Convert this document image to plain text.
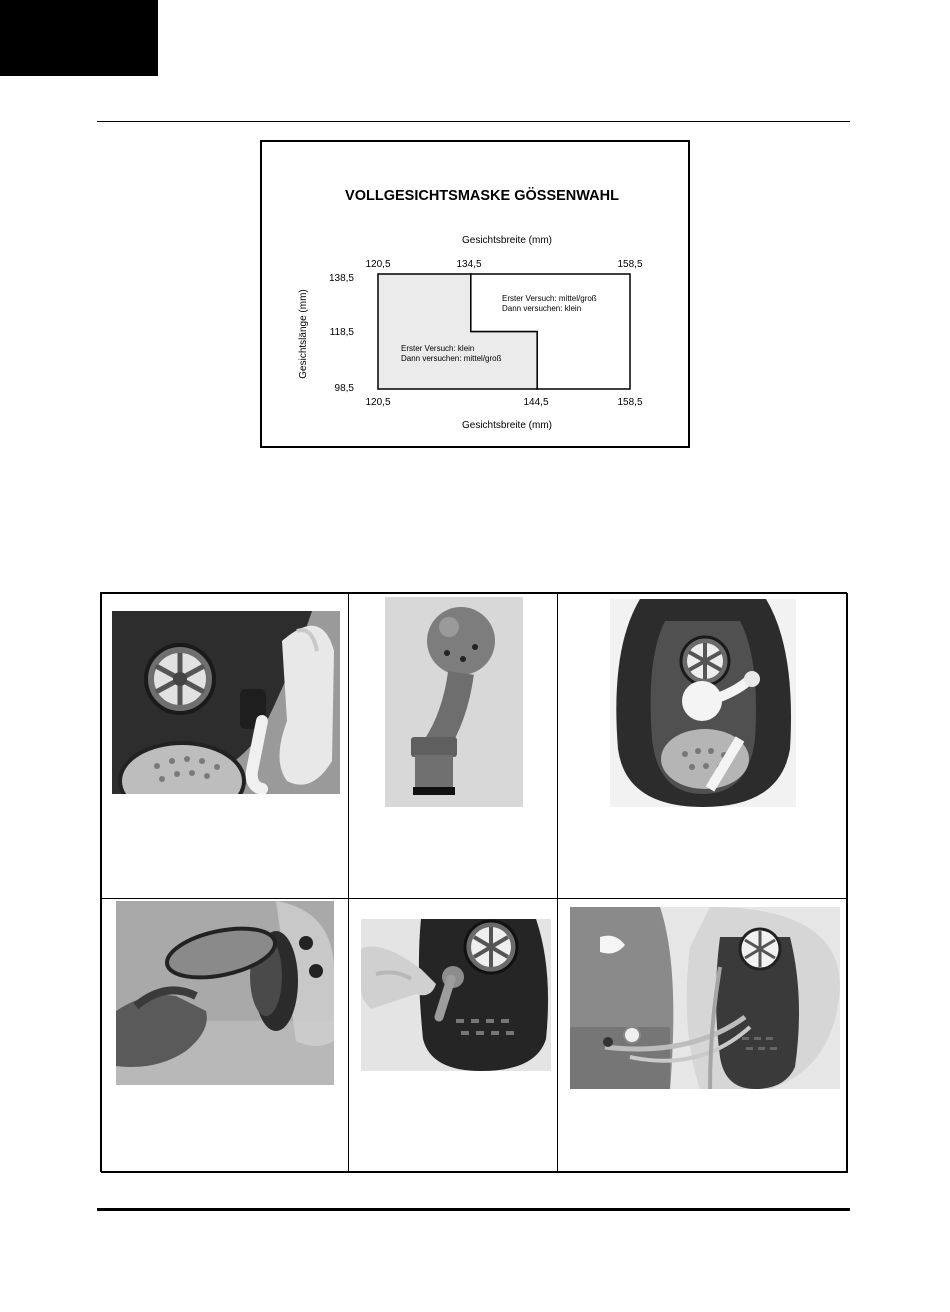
VOLLGESICHTSMASKE GÖSSENWAHL
Gesichtsbreite (mm)
120,5	134,5	158,5
138,5
118,5
98,5
Gesichtslänge (mm)	Erster Versuch: mittel/groß
Dann versuchen: klein
Erster Versuch: klein
Dann versuchen: mittel/groß
120,5	144,5	158,5
Gesichtsbreite (mm)
